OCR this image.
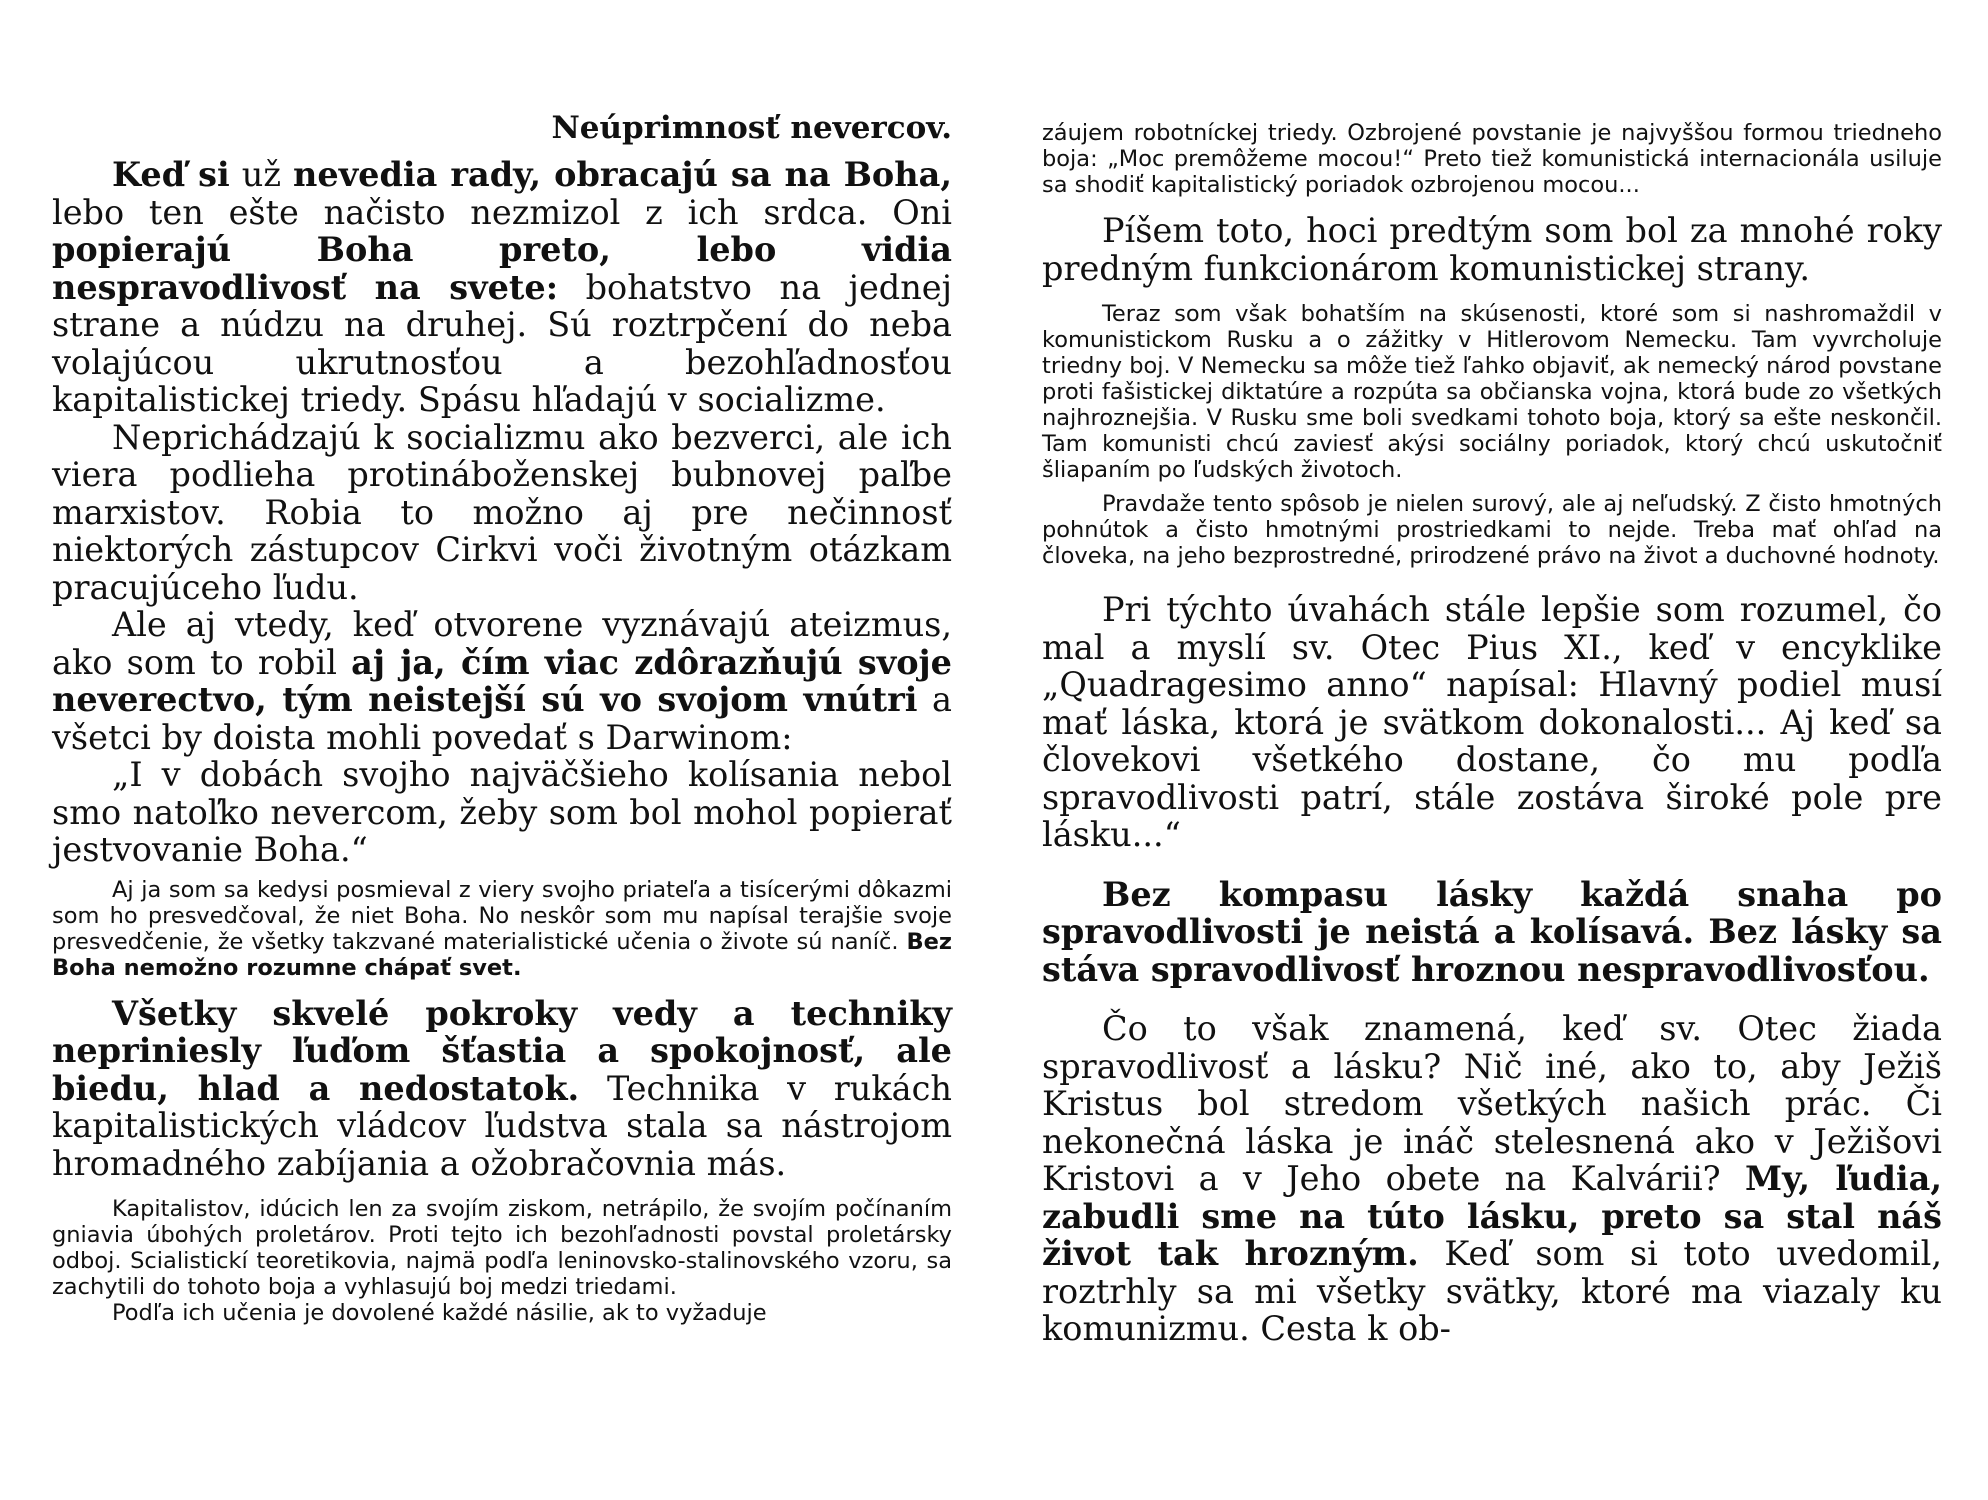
Neúprimnosť nevercov.

Keď si už nevedia rady, obracajú sa na Boha, lebo ten ešte načisto nezmizol z ich srdca. Oni popierajú Boha preto, lebo vidia nespravodlivosť na svete: bohatstvo na jednej strane a núdzu na druhej. Sú roztrpčení do neba volajúcou ukrutnosťou a bezohľadnosťou kapitalistickej triedy. Spásu hľadajú v socializme.

Neprichádzajú k socializmu ako bezverci, ale ich viera podlieha protináboženskej bubnovej paľbe marxistov. Robia to možno aj pre nečinnosť niektorých zástupcov Cirkvi voči životným otázkam pracujúceho ľudu.

Ale aj vtedy, keď otvorene vyznávajú ateizmus, ako som to robil aj ja, čím viac zdôrazňujú svoje neverectvo, tým neistejší sú vo svojom vnútri a všetci by doista mohli povedať s Darwinom:

„I v dobách svojho najväčšieho kolísania nebol smo natoľko nevercom, žeby som bol mohol popierať jestvovanie Boha.“

Aj ja som sa kedysi posmieval z viery svojho priateľa a tisícerými dôkazmi som ho presvedčoval, že niet Boha. No neskôr som mu napísal terajšie svoje presvedčenie, že všetky takzvané materialistické učenia o živote sú naníč. Bez Boha nemožno rozumne chápať svet.

Všetky skvelé pokroky vedy a techniky nepriniesly ľuďom šťastia a spokojnosť, ale biedu, hlad a nedostatok. Technika v rukách kapitalistických vládcov ľudstva stala sa nástrojom hromadného zabíjania a ožobračovnia más.

Kapitalistov, idúcich len za svojím ziskom, netrápilo, že svojím počínaním gniavia úbohých proletárov. Proti tejto ich bezohľadnosti povstal proletársky odboj. Scialistickí teoretikovia, najmä podľa leninovsko-stalinovského vzoru, sa zachytili do tohoto boja a vyhlasujú boj medzi triedami.

Podľa ich učenia je dovolené každé násilie, ak to vyžaduje

záujem robotníckej triedy. Ozbrojené povstanie je najvyššou formou triedneho boja: „Moc premôžeme mocou!“ Preto tiež komunistická internacionála usiluje sa shodiť kapitalistický poriadok ozbrojenou mocou...

Píšem toto, hoci predtým som bol za mnohé roky predným funkcionárom komunistickej strany.

Teraz som však bohatším na skúsenosti, ktoré som si nashromaždil v komunistickom Rusku a o zážitky v Hitlerovom Nemecku. Tam vyvrcholuje triedny boj. V Nemecku sa môže tiež ľahko objaviť, ak nemecký národ povstane proti fašistickej diktatúre a rozpúta sa občianska vojna, ktorá bude zo všetkých najhroznejšia. V Rusku sme boli svedkami tohoto boja, ktorý sa ešte neskončil. Tam komunisti chcú zaviesť akýsi sociálny poriadok, ktorý chcú uskutočniť šliapaním po ľudských životoch.

Pravdaže tento spôsob je nielen surový, ale aj neľudský. Z čisto hmotných pohnútok a čisto hmotnými prostriedkami to nejde. Treba mať ohľad na človeka, na jeho bezprostredné, prirodzené právo na život a duchovné hodnoty.

Pri týchto úvahách stále lepšie som rozumel, čo mal a myslí sv. Otec Pius XI., keď v encyklike „Quadragesimo anno“ napísal: Hlavný podiel musí mať láska, ktorá je svätkom dokonalosti... Aj keď sa človekovi všetkého dostane, čo mu podľa spravodlivosti patrí, stále zostáva široké pole pre lásku...“

Bez kompasu lásky každá snaha po spravodlivosti je neistá a kolísavá. Bez lásky sa stáva spravodlivosť hroznou nespravodlivosťou.

Čo to však znamená, keď sv. Otec žiada spravodlivosť a lásku? Nič iné, ako to, aby Ježiš Kristus bol stredom všetkých našich prác. Či nekonečná láska je ináč stelesnená ako v Ježišovi Kristovi a v Jeho obete na Kalvárii? My, ľudia, zabudli sme na túto lásku, preto sa stal náš život tak hrozným. Keď som si toto uvedomil, roztrhly sa mi všetky svätky, ktoré ma viazaly ku komunizmu. Cesta k ob-
